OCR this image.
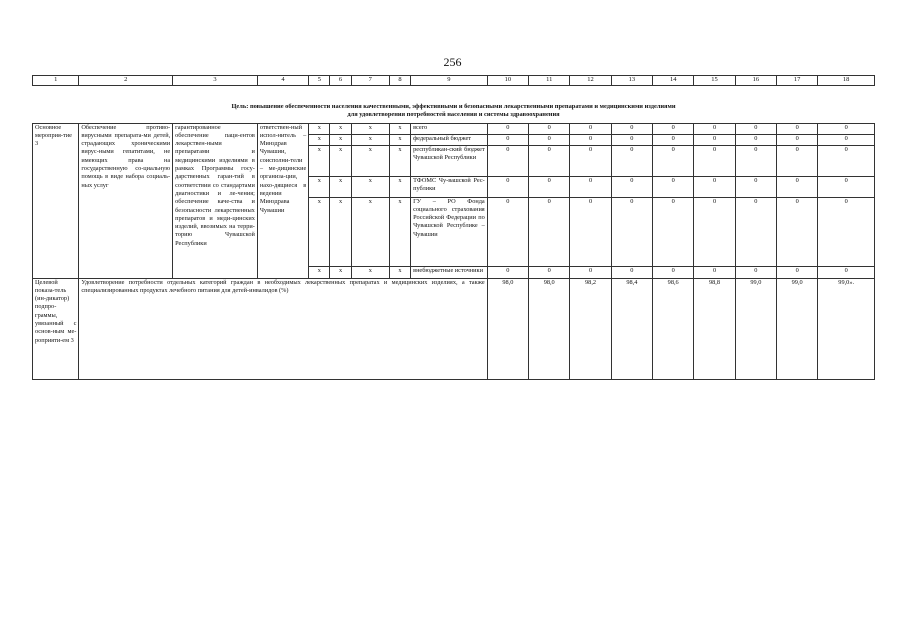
256
1	2	3	4	5	6	7	8	9	10	11	12	13	14	15	16	17	18

Цель: повышение обеспеченности населения качественными, эффективными и безопасными лекарственными препаратами и медицинскими изделиями
для удовлетворения потребностей населения и системы здравоохранения																	

Основное мероприя-тие 3	Обеспечение противо-вирусными препарата-ми детей, страдающих хроническими вирус-ными гепатитами, не имеющих права на государственную со-циальную помощь в виде набора социаль-ных услуг	гарантированное обеспечение паци-ентов лекарствен-ными препаратами и медицинскими изделиями в рамках Программы госу-дарственных гаран-тий в соответствии со стандартами диагностики и ле-чения; обеспечение каче-ства и безопасности лекарственных препаратов и меди-цинских изделий, ввозимых на терри-торию Чувашской Республики	ответствен-ный испол-нитель – Минздрав Чувашии, соисполни-тели – ме-дицинские организа-ции, нахо-дящиеся в ведении Минздрава Чувашии	x	x	x	x	всего	0	0	0	0	0	0	0	0	0
				x	x	x	x	федеральный бюджет	0	0	0	0	0	0	0	0	0
				x	x	x	x	республикан-ский бюджет Чувашской Республики	0	0	0	0	0	0	0	0	0
				x	x	x	x	ТФОМС Чу-вашской Рес-публики	0	0	0	0	0	0	0	0	0
				x	x	x	x	ГУ – РО Фонда социального страхования Российской Федерации по Чувашской Республике – Чувашии	0	0	0	0	0	0	0	0	0
				x	x	x	x	внебюджетные источники	0	0	0	0	0	0	0	0	0
Целевой показа-тель (ин-дикатор) подпро-граммы, увязанный с основ-ным ме-роприяти-ем 3	Удовлетворение потребности отдельных категорий граждан в необходимых лекарственных препаратах и медицинских изделиях, а также специализированных продуктах лечебного питания для детей-инвалидов (%)								98,0	98,0	98,2	98,4	98,6	98,8	99,0	99,0	99,0».
